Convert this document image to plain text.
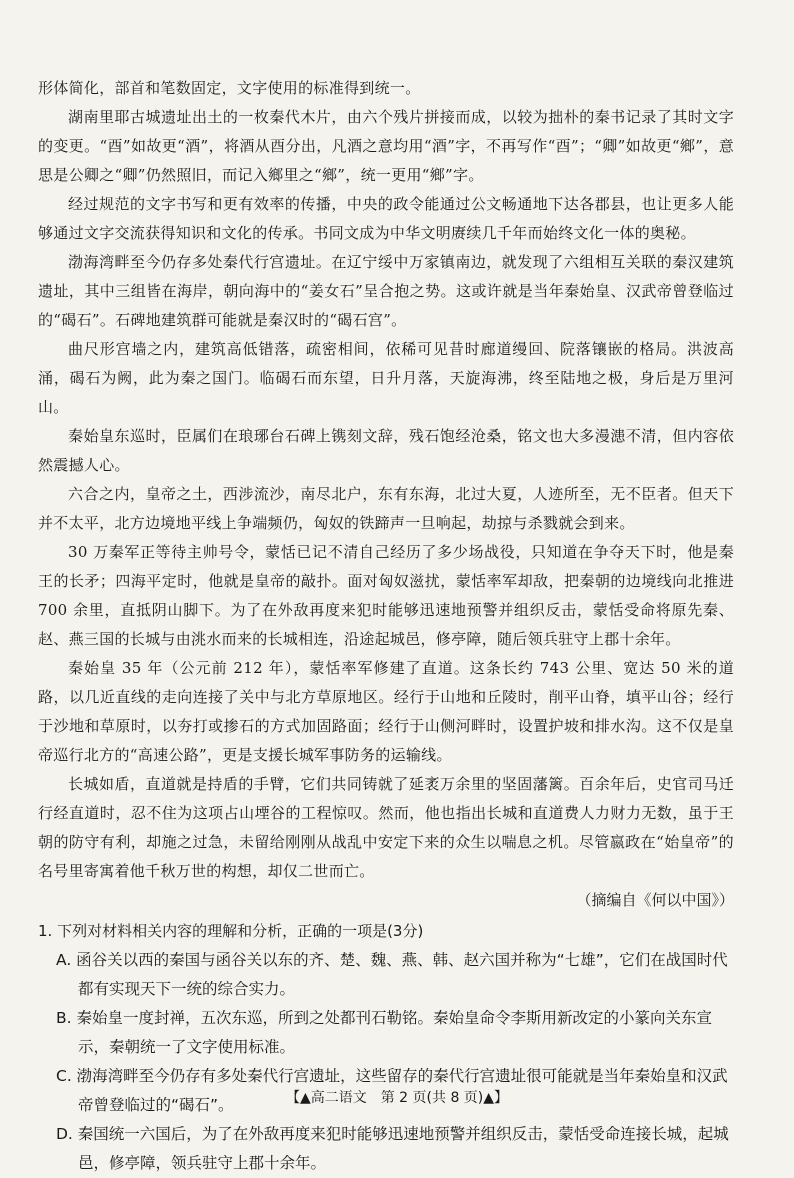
形体简化，部首和笔数固定，文字使用的标准得到统一。

湖南里耶古城遗址出土的一枚秦代木片，由六个残片拼接而成，以较为拙朴的秦书记录了其时文字的变更。“酉”如故更“酒”，将酒从酉分出，凡酒之意均用“酒”字，不再写作“酉”；“卿”如故更“鄉”，意思是公卿之“卿”仍然照旧，而记入鄉里之“鄉”，统一更用“鄉”字。

经过规范的文字书写和更有效率的传播，中央的政令能通过公文畅通地下达各郡县，也让更多人能够通过文字交流获得知识和文化的传承。书同文成为中华文明赓续几千年而始终文化一体的奥秘。

渤海湾畔至今仍存多处秦代行宫遗址。在辽宁绥中万家镇南边，就发现了六组相互关联的秦汉建筑遗址，其中三组皆在海岸，朝向海中的“姜女石”呈合抱之势。这或许就是当年秦始皇、汉武帝曾登临过的“碣石”。石碑地建筑群可能就是秦汉时的“碣石宫”。

曲尺形宫墙之内，建筑高低错落，疏密相间，依稀可见昔时廊道缦回、院落镶嵌的格局。洪波高涌，碣石为阙，此为秦之国门。临碣石而东望，日升月落，天旋海沸，终至陆地之极，身后是万里河山。

秦始皇东巡时，臣属们在琅琊台石碑上镌刻文辞，残石饱经沧桑，铭文也大多漫漶不清，但内容依然震撼人心。

六合之内，皇帝之土，西涉流沙，南尽北户，东有东海，北过大夏，人迹所至，无不臣者。但天下并不太平，北方边境地平线上争端频仍，匈奴的铁蹄声一旦响起，劫掠与杀戮就会到来。

30 万秦军正等待主帅号令，蒙恬已记不清自己经历了多少场战役，只知道在争夺天下时，他是秦王的长矛；四海平定时，他就是皇帝的敲扑。面对匈奴滋扰，蒙恬率军却敌，把秦朝的边境线向北推进 700 余里，直抵阴山脚下。为了在外敌再度来犯时能够迅速地预警并组织反击，蒙恬受命将原先秦、赵、燕三国的长城与由洮水而来的长城相连，沿途起城邑，修亭障，随后领兵驻守上郡十余年。

秦始皇 35 年（公元前 212 年），蒙恬率军修建了直道。这条长约 743 公里、宽达 50 米的道路，以几近直线的走向连接了关中与北方草原地区。经行于山地和丘陵时，削平山脊，填平山谷；经行于沙地和草原时，以夯打或掺石的方式加固路面；经行于山侧河畔时，设置护坡和排水沟。这不仅是皇帝巡行北方的“高速公路”，更是支援长城军事防务的运输线。

长城如盾，直道就是持盾的手臂，它们共同铸就了延袤万余里的坚固藩篱。百余年后，史官司马迁行经直道时，忍不住为这项占山堙谷的工程惊叹。然而，他也指出长城和直道费人力财力无数，虽于王朝的防守有利，却施之过急，未留给刚刚从战乱中安定下来的众生以喘息之机。尽管嬴政在“始皇帝”的名号里寄寓着他千秋万世的构想，却仅二世而亡。

（摘编自《何以中国》）

1. 下列对材料相关内容的理解和分析，正确的一项是(3分)

A. 函谷关以西的秦国与函谷关以东的齐、楚、魏、燕、韩、赵六国并称为“七雄”，它们在战国时代都有实现天下一统的综合实力。

B. 秦始皇一度封禅，五次东巡，所到之处都刊石勒铭。秦始皇命令李斯用新改定的小篆向关东宣示，秦朝统一了文字使用标准。

C. 渤海湾畔至今仍存有多处秦代行宫遗址，这些留存的秦代行宫遗址很可能就是当年秦始皇和汉武帝曾登临过的“碣石”。

D. 秦国统一六国后，为了在外敌再度来犯时能够迅速地预警并组织反击，蒙恬受命连接长城，起城邑，修亭障，领兵驻守上郡十余年。

【▲高二语文　第 2 页(共 8 页)▲】
